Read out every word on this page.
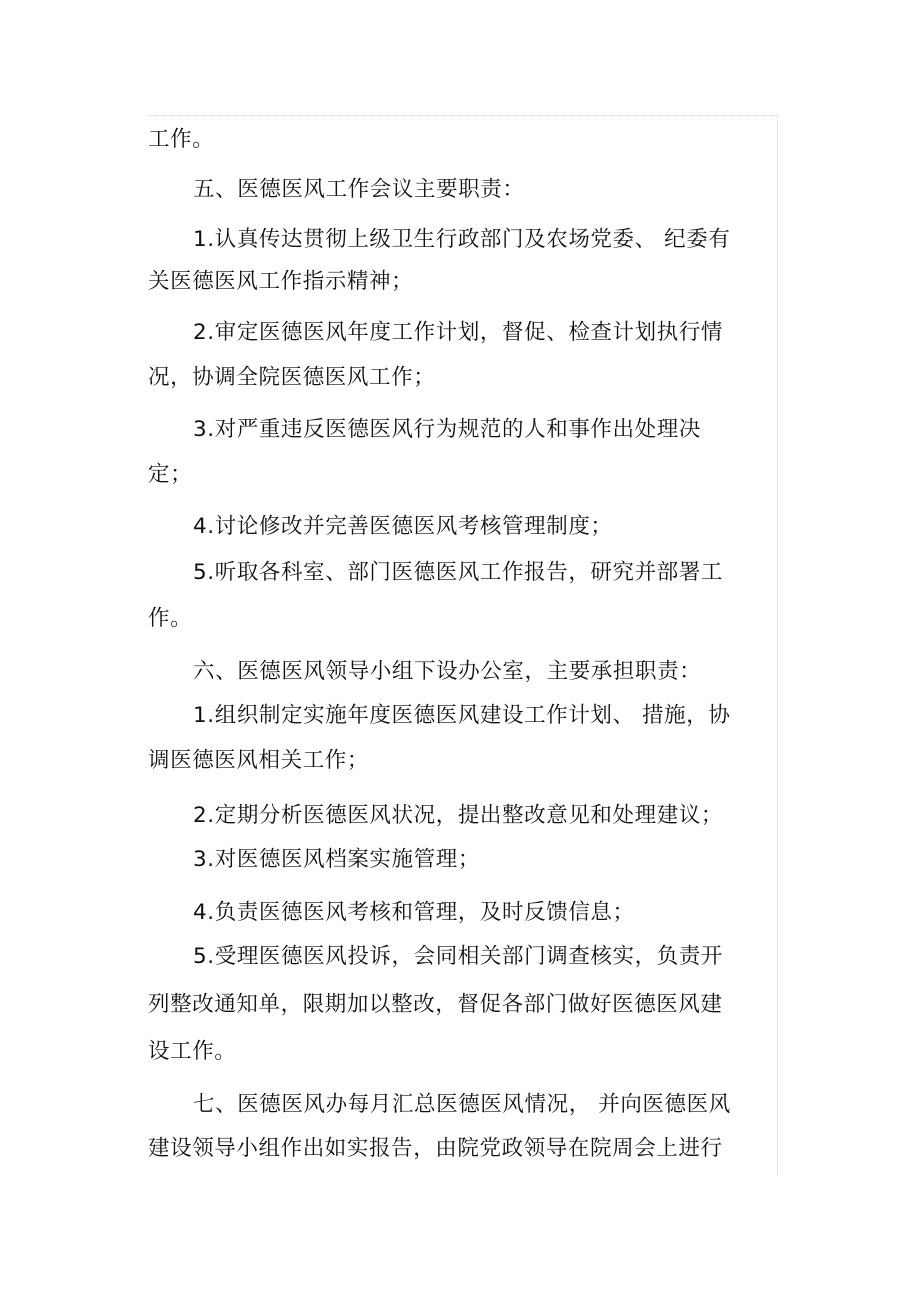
工作。
五、医德医风工作会议主要职责：
1.认真传达贯彻上级卫生行政部门及农场党委、 纪委有
关医德医风工作指示精神；
2.审定医德医风年度工作计划，督促、检查计划执行情
况，协调全院医德医风工作；
3.对严重违反医德医风行为规范的人和事作出处理决
定；
4.讨论修改并完善医德医风考核管理制度；
5.听取各科室、部门医德医风工作报告，研究并部署工
作。
六、医德医风领导小组下设办公室，主要承担职责：
1.组织制定实施年度医德医风建设工作计划、 措施，协
调医德医风相关工作；
2.定期分析医德医风状况，提出整改意见和处理建议；
3.对医德医风档案实施管理；
4.负责医德医风考核和管理，及时反馈信息；
5.受理医德医风投诉，会同相关部门调查核实，负责开
列整改通知单，限期加以整改，督促各部门做好医德医风建
设工作。
七、医德医风办每月汇总医德医风情况， 并向医德医风
建设领导小组作出如实报告，由院党政领导在院周会上进行
